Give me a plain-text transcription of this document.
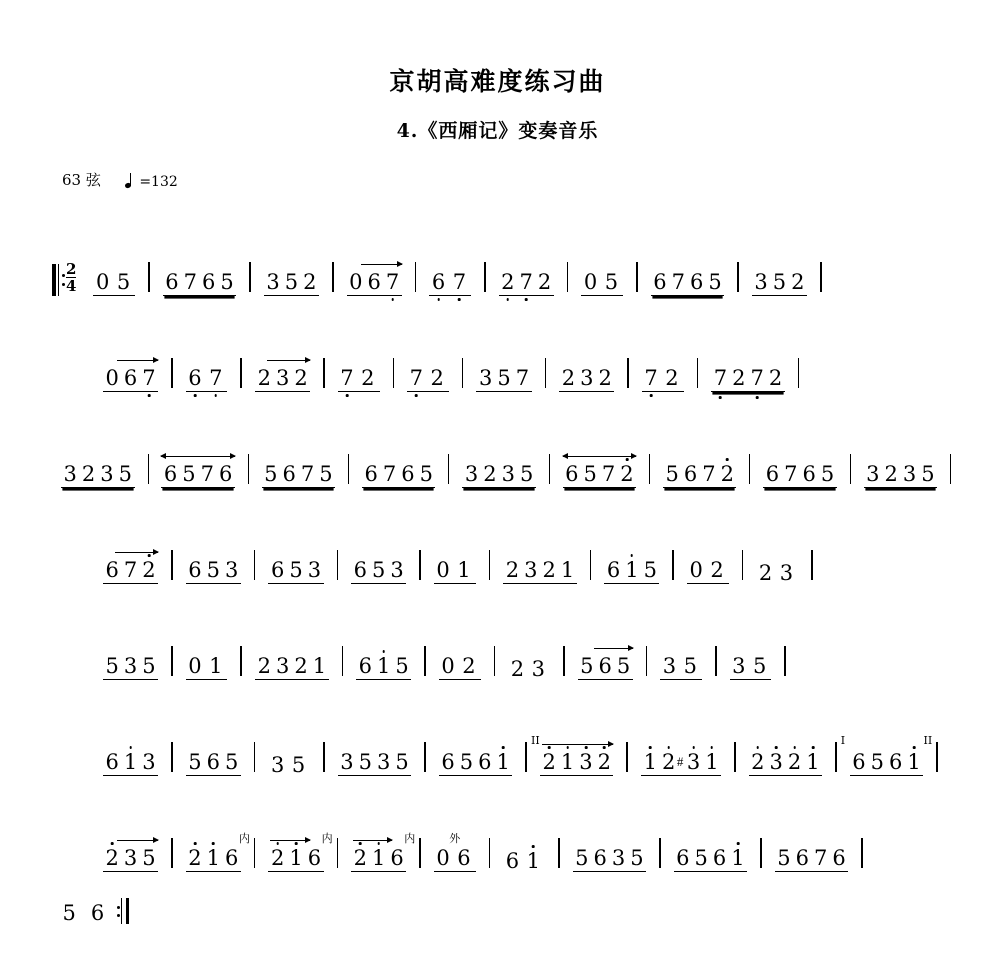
京胡高难度练习曲
4.《西厢记》变奏音乐
63 弦	=132
$\frac{2}{4} 0$ 5 6 7 6 5 3 5 2 0 6 7 6 7 2 7 2 0 5 6 7 6 5 3 5 2
0 6 7 6 7 2 3 2 7 2 7 2 3 5 7 2 3 2 7 2 7 2 7 2
3 2 3 5 6 5 7 6 5 6 7 5 6 7 6 5 3 2 3 5 6 5 7 2 5 6 7 2 6 7 6 5 3 2 3 5
6 7 2 6 5 3 6 5 3 6 5 3 0 1 2 3 2 1 6 1 5 0 2 2 3
5 3 5 0 1 2 3 2 1 6 1 5 0 2 2 3 5 6 5 3 5 3 5
6 1 3 5 6 5 3 5 3 5 3 5 6 5 6 1
II
2 1 3 2 1 2 # 3 1 2 3 2 1
I	II
6 5 6 1
2 3 5
内
2 1 6
内
2 1 6
内
2 1 6
外
0 6 6 1 5 6 3 5 6 5 6 1 5 6 7 6
5 6
